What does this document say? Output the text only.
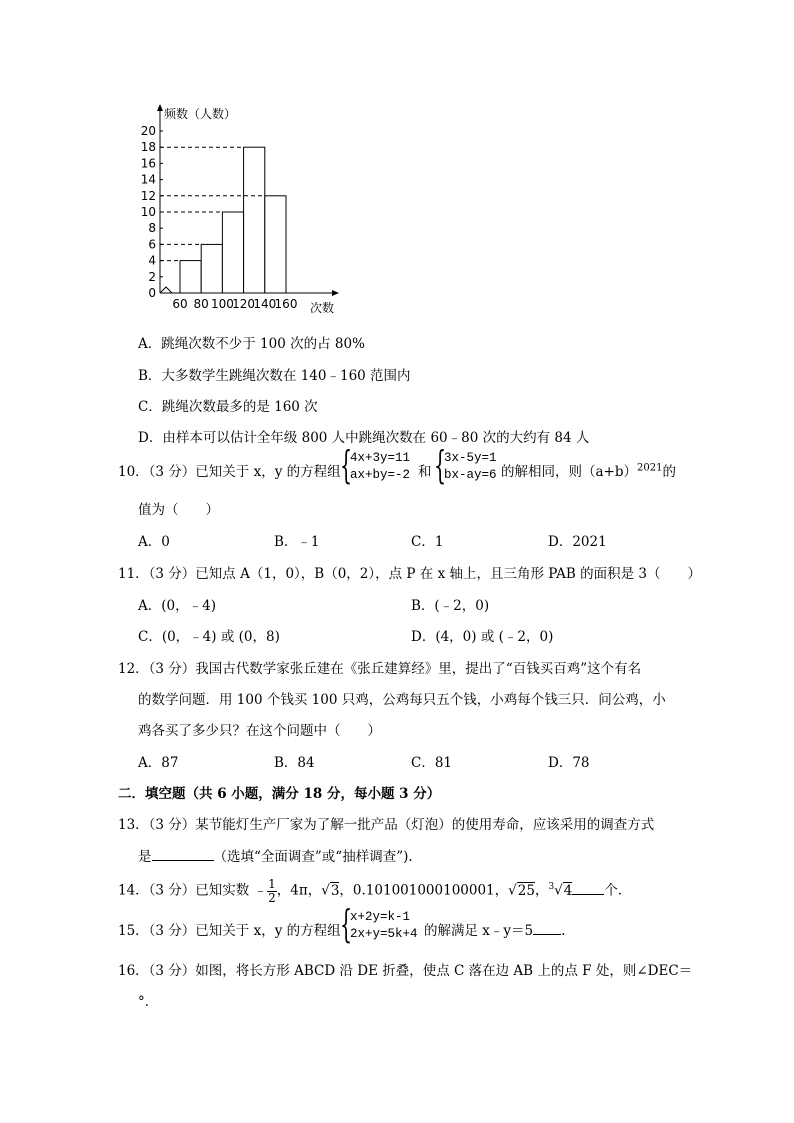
0
2
4
6
8
10
12
14
16
18
20
60 80 100
120
140
160
频数（人数）
次数
A．跳绳次数不少于 100 次的占 80%
B．大多数学生跳绳次数在 140﹣160 范围内
C．跳绳次数最多的是 160 次
D．由样本可以估计全年级 800 人中跳绳次数在 60﹣80 次的大约有 84 人
10．（3 分）已知关于 x，y 的方程组 {
4x+3y=11
ax+by=-2 和 {
3x-5y=1
bx-ay=6 的解相同，则$(a+b)^{2021}$的
值为（　　）
A．0	B．﹣1	C．1	D．2021
11．（3 分）已知点 A（1，0），B（0，2），点 P 在 x 轴上，且三角形 PAB 的面积是 3（　　）
A．(0，﹣4)	B．(﹣2，0)
C．(0，﹣4) 或 (0，8)	D．(4，0) 或 (﹣2，0)
12．（3 分）我国古代数学家张丘建在《张丘建算经》里，提出了“百钱买百鸡”这个有名
的数学问题．用 100 个钱买 100 只鸡，公鸡每只五个钱，小鸡每个钱三只．问公鸡，小
鸡各买了多少只？在这个问题中（　　）
A．87	B．84	C．81	D．78
二．填空题（共 6 小题，满分 18 分，每小题 3 分）
13．（3 分）某节能灯生产厂家为了解一批产品（灯泡）的使用寿命，应该采用的调查方式
是	（选填“全面调查”或“抽样调查”).
14．（3 分）已知实数 ﹣ $\frac{1}{2}$ ，4π，√3，0.101001000100001，√25，$^3$√4 个．
15．（3 分）已知关于 x，y 的方程组 {
x+2y=k-1
2x+y=5k+4 的解满足 x﹣y＝5 .
16．（3 分）如图，将长方形 ABCD 沿 DE 折叠，使点 C 落在边 AB 上的点 F 处，则∠DEC＝
°．
